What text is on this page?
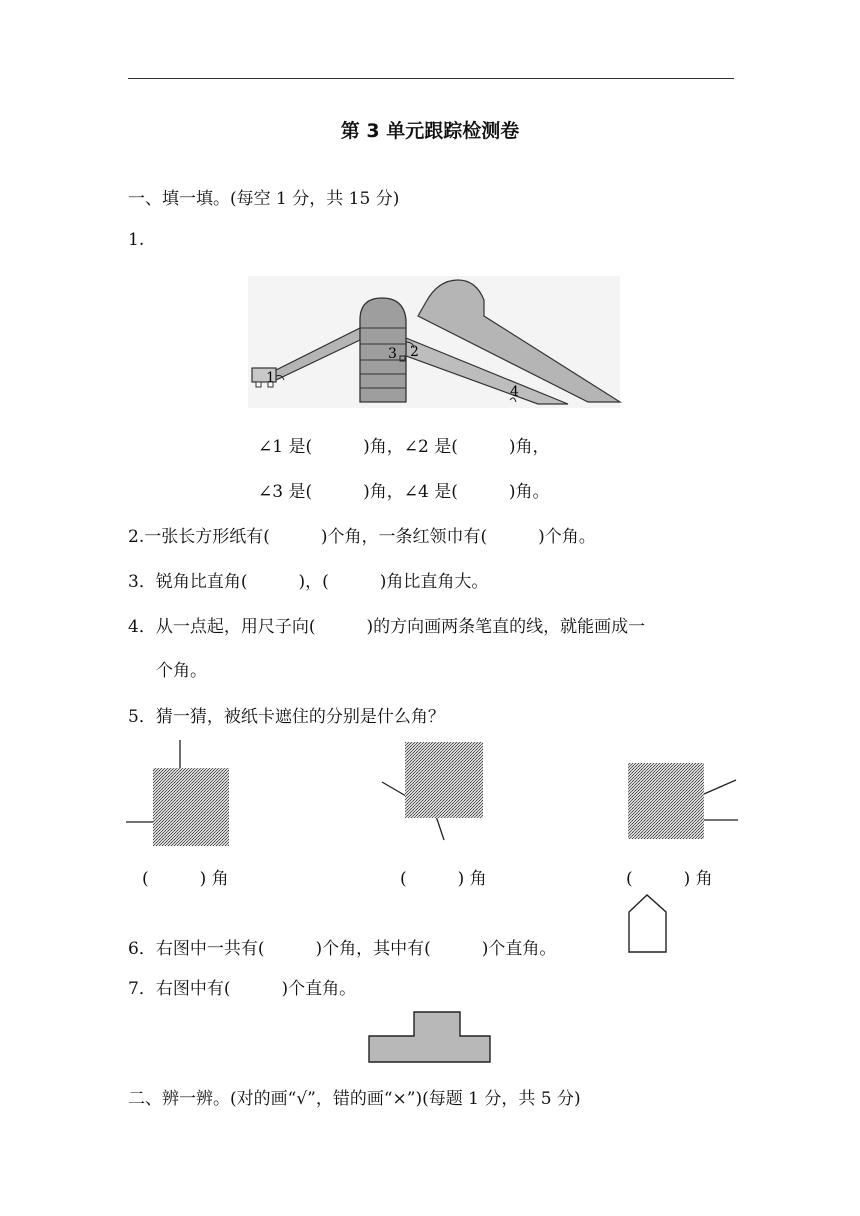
第 3 单元跟踪检测卷
一、填一填。(每空 1 分，共 15 分)
1.
1
2
3
4
∠1 是(　　　)角，∠2 是(　　　)角，
∠3 是(　　　)角，∠4 是(　　　)角。
2.一张长方形纸有(　　　)个角，一条红领巾有(　　　)个角。
3．锐角比直角(　　　)，(　　　)角比直角大。
4．从一点起，用尺子向(　　　)的方向画两条笔直的线，就能画成一
个角。
5．猜一猜，被纸卡遮住的分别是什么角？
(　　　) 角	(　　　) 角	(　　　) 角
6．右图中一共有(　　　)个角，其中有(　　　)个直角。
7．右图中有(　　　)个直角。
二、辨一辨。(对的画“√”，错的画“×”)(每题 1 分，共 5 分)
